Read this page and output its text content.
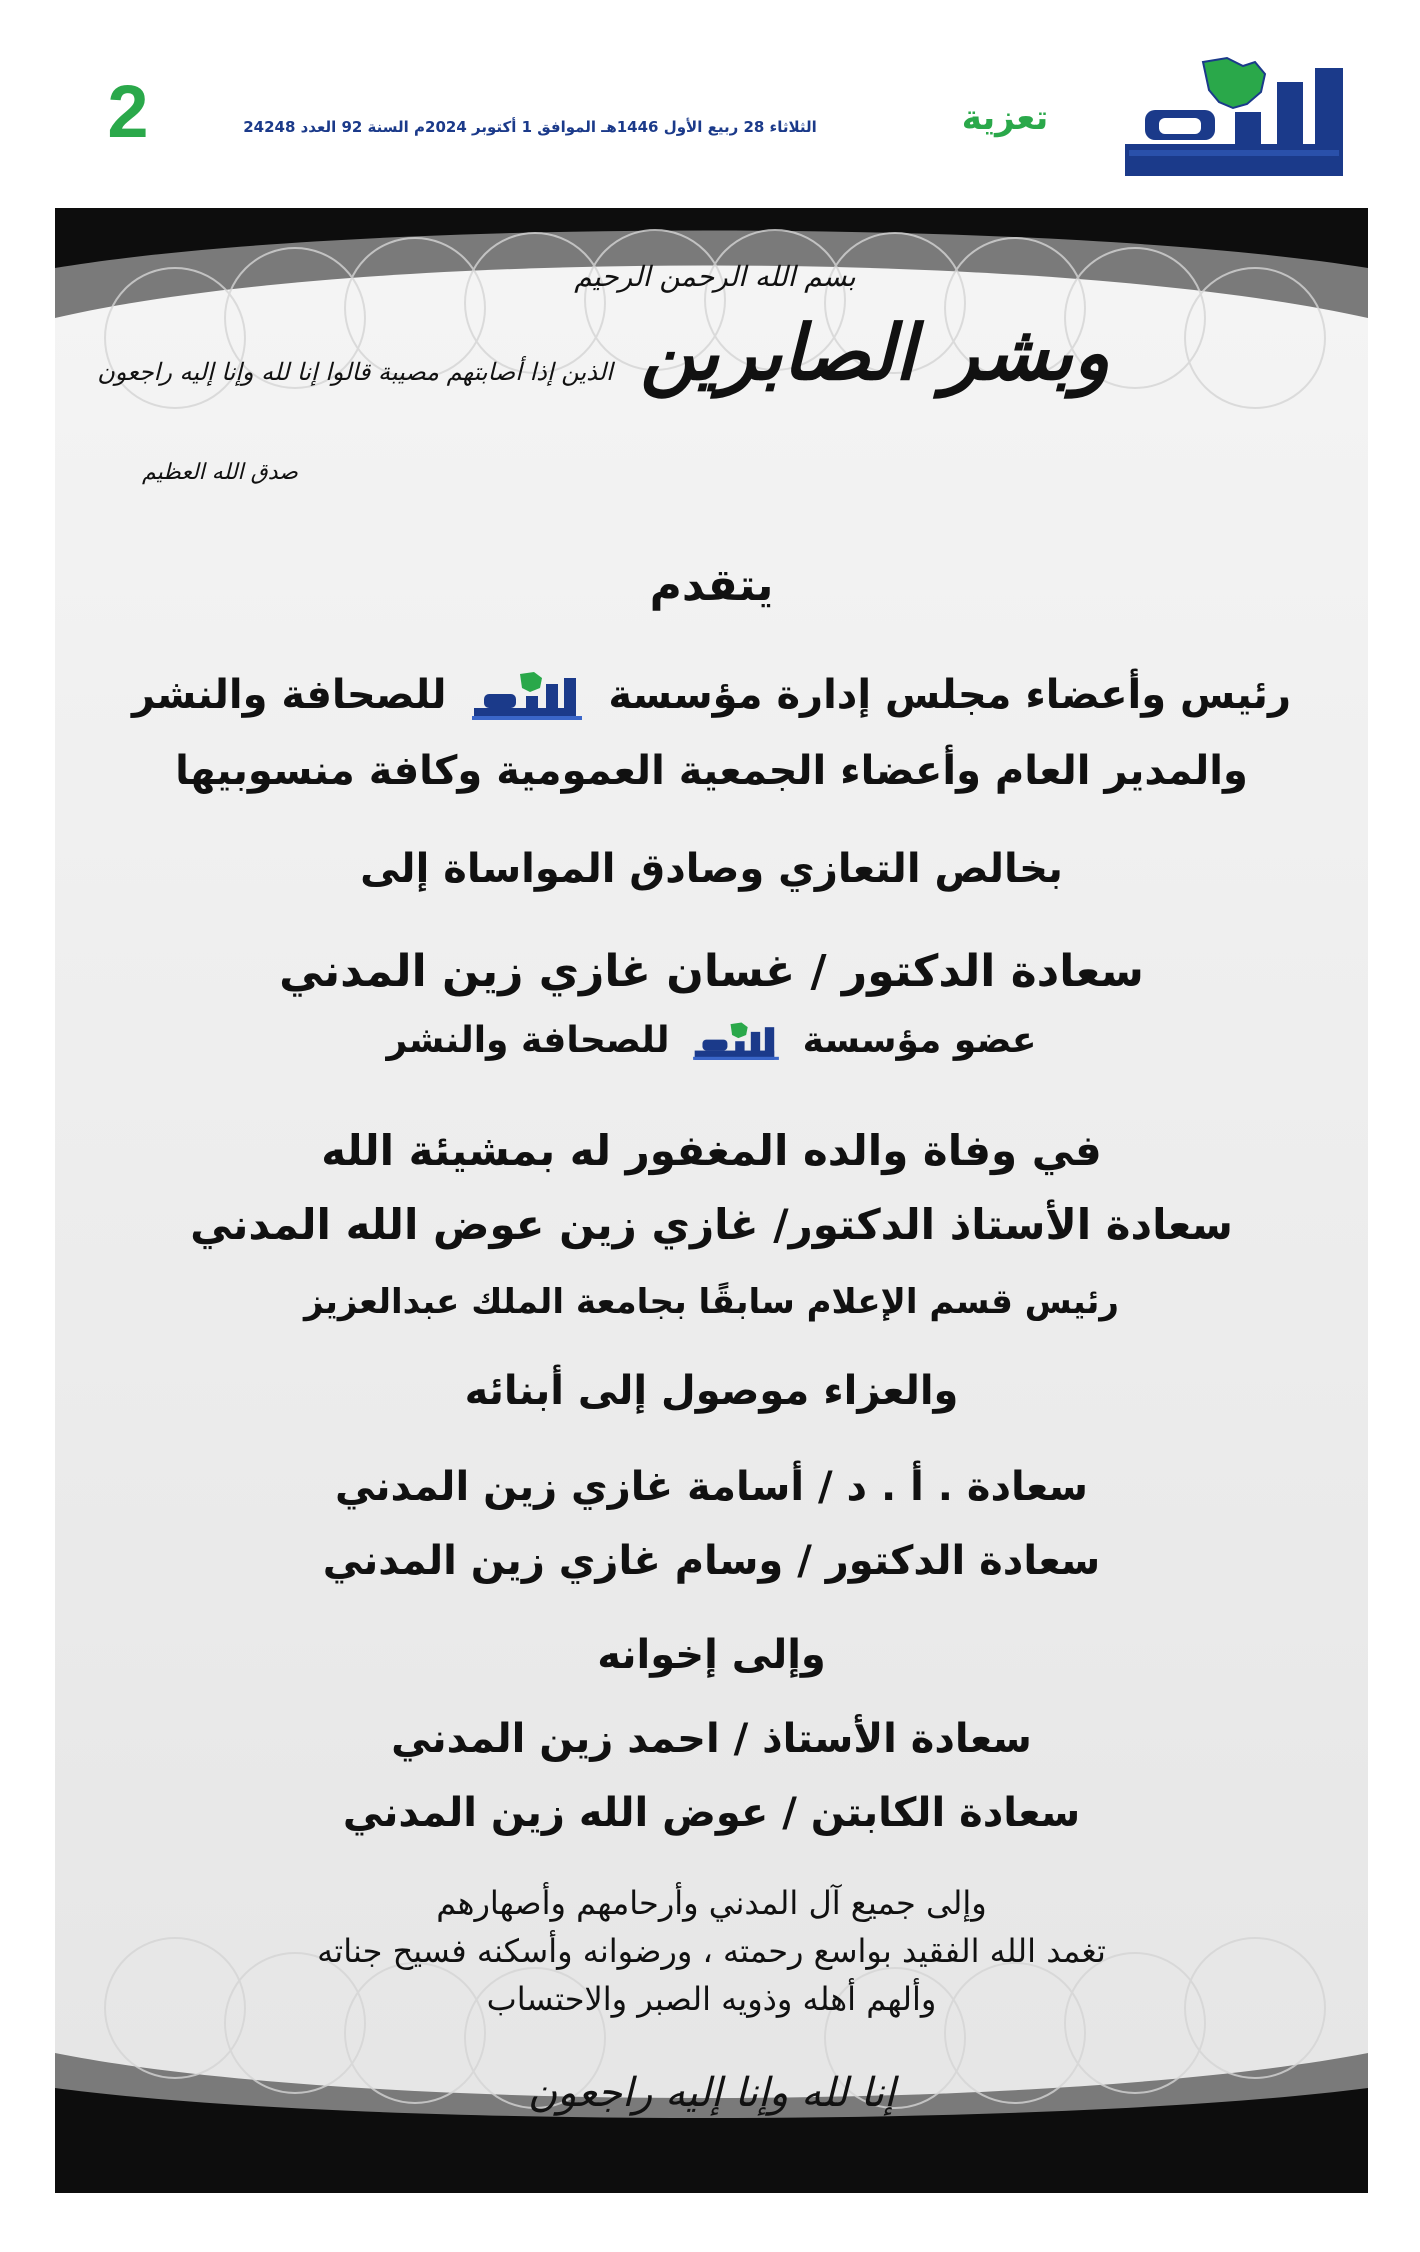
تعزية
الثلاثاء 28 ربيع الأول 1446هـ الموافق 1 أكتوبر 2024م السنة 92 العدد 24248
2
بسم الله الرحمن الرحيم
وبشر الصابرين
الذين إذا أصابتهم مصيبة قالوا إنا لله وإنا إليه راجعون
صدق الله العظيم
يتقدم
رئيس وأعضاء مجلس إدارة مؤسسة  للصحافة والنشر
والمدير العام وأعضاء الجمعية العمومية وكافة منسوبيها
بخالص التعازي وصادق المواساة إلى
سعادة الدكتور / غسان غازي زين المدني
عضو مؤسسة  للصحافة والنشر
في وفاة والده المغفور له بمشيئة الله
سعادة الأستاذ الدكتور/ غازي زين عوض الله المدني
رئيس قسم الإعلام سابقًا بجامعة الملك عبدالعزيز
والعزاء موصول إلى أبنائه
سعادة . أ . د / أسامة غازي زين المدني
سعادة الدكتور / وسام غازي زين المدني
وإلى إخوانه
سعادة الأستاذ / احمد زين المدني
سعادة الكابتن / عوض الله زين المدني
وإلى جميع آل المدني وأرحامهم وأصهارهم
تغمد الله الفقيد بواسع رحمته ، ورضوانه وأسكنه فسيح جناته
وألهم أهله وذويه الصبر والاحتساب
إنا لله وإنا إليه راجعون
